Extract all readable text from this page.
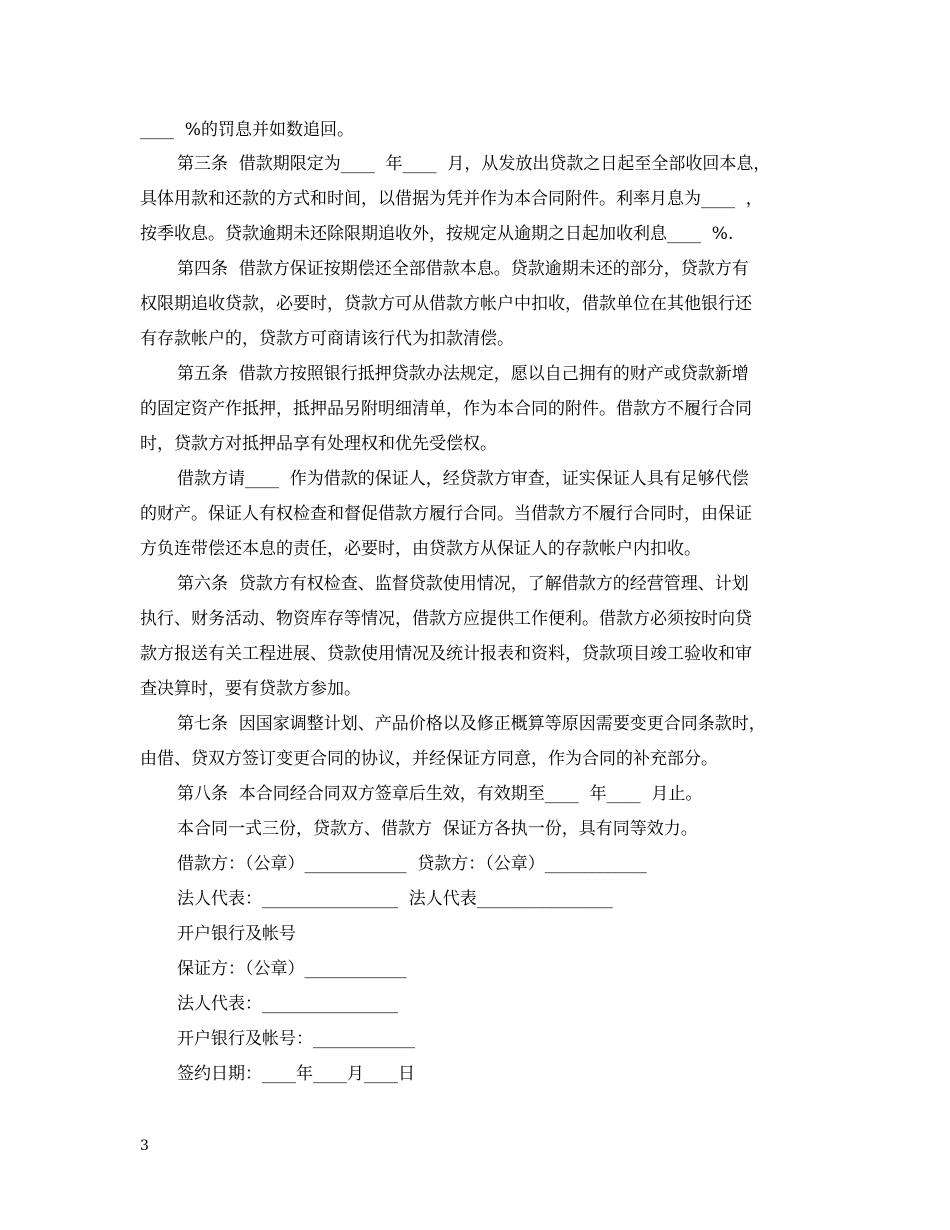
____  %的罚息并如数追回。
第三条  借款期限定为____  年____  月，从发放出贷款之日起至全部收回本息，
具体用款和还款的方式和时间，以借据为凭并作为本合同附件。利率月息为____  ，
按季收息。贷款逾期未还除限期追收外，按规定从逾期之日起加收利息____  %.
第四条  借款方保证按期偿还全部借款本息。贷款逾期未还的部分，贷款方有
权限期追收贷款，必要时，贷款方可从借款方帐户中扣收，借款单位在其他银行还
有存款帐户的，贷款方可商请该行代为扣款清偿。
第五条  借款方按照银行抵押贷款办法规定，愿以自己拥有的财产或贷款新增
的固定资产作抵押，抵押品另附明细清单，作为本合同的附件。借款方不履行合同
时，贷款方对抵押品享有处理权和优先受偿权。
借款方请____  作为借款的保证人，经贷款方审查，证实保证人具有足够代偿
的财产。保证人有权检查和督促借款方履行合同。当借款方不履行合同时，由保证
方负连带偿还本息的责任，必要时，由贷款方从保证人的存款帐户内扣收。
第六条  贷款方有权检查、监督贷款使用情况，了解借款方的经营管理、计划
执行、财务活动、物资库存等情况，借款方应提供工作便利。借款方必须按时向贷
款方报送有关工程进展、贷款使用情况及统计报表和资料，贷款项目竣工验收和审
查决算时，要有贷款方参加。
第七条  因国家调整计划、产品价格以及修正概算等原因需要变更合同条款时，
由借、贷双方签订变更合同的协议，并经保证方同意，作为合同的补充部分。
第八条  本合同经合同双方签章后生效，有效期至____  年____  月止。
本合同一式三份，贷款方、借款方  保证方各执一份，具有同等效力。
借款方：（公章）____________  贷款方：（公章）____________
法人代表：________________  法人代表________________
开户银行及帐号
保证方：（公章）____________
法人代表：________________
开户银行及帐号：____________
签约日期：____年____月____日
3
